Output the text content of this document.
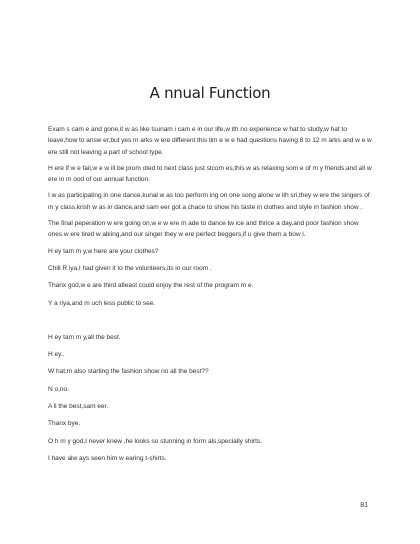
A nnual Function

Exam s cam e and gone,it w as like tsunam i cam e in our life,w ith no experience w hat to study,w hat to leave,how to answ er,but yes m arks w ere different this tim e w e had questions having 8 to 12 m arks and w e w ere still not leaving a part of school type.

H ere if w e fail,w e w ill be prom oted to next class just stcom es,this w as relaxing som e of m y friends,and all w ere in m ood of our annual function.

I w as participating in one dance,kunal w as too perform ing on one song alone w ith sri,they w ere the singers of m y class,krish w as in dance,and sam eer got a chace to show his taste in clothes and style in fashion show .

The final peperation w ere going on,w e w ere m ade to dance tw ice and thrice a day,and poor fashion show ones w ere tired w alking,and our singer they w ere perfect beggers,if u give them a bow l.

H ey tam m y,w here are your clothes?

Chill R iya,I had given it to the volunteers,its in our room .

Thanx god,w e are third atleast could enjoy the rest of the program m e.

Y a riya,and m uch less public to see.

H ey tam m y,all the best.

H ey..

W hat,m also starting the fashion show no all the best??

N o,no.

A ll the best,sam eer.

Thanx bye.

O h m y god,I never knew ,he looks so stunning in form als,specially shirts.

I have alw ays seen him w earing t-shirts.

81
